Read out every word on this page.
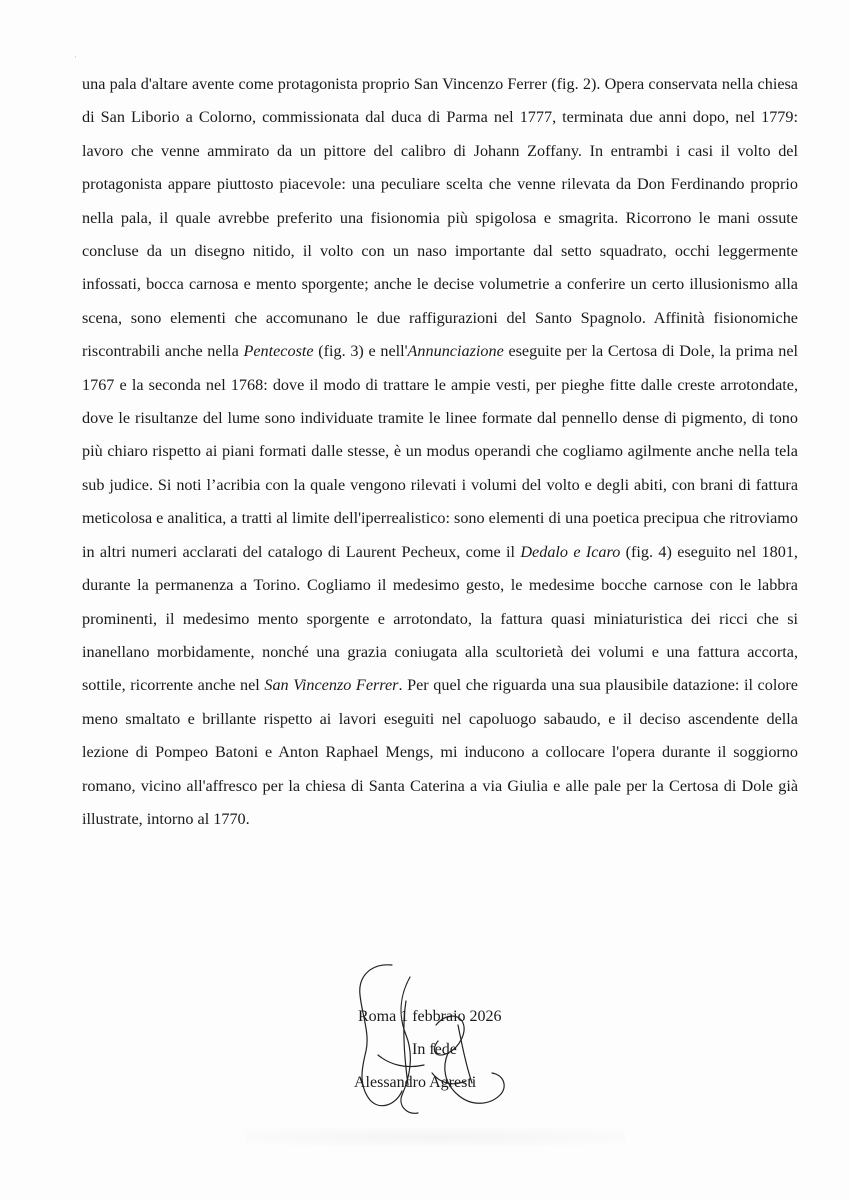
·

una pala d'altare avente come protagonista proprio San Vincenzo Ferrer (fig. 2). Opera conservata nella chiesa di San Liborio a Colorno, commissionata dal duca di Parma nel 1777, terminata due anni dopo, nel 1779: lavoro che venne ammirato da un pittore del calibro di Johann Zoffany. In entrambi i casi il volto del protagonista appare piuttosto piacevole: una peculiare scelta che venne rilevata da Don Ferdinando proprio nella pala, il quale avrebbe preferito una fisionomia più spigolosa e smagrita. Ricorrono le mani ossute concluse da un disegno nitido, il volto con un naso importante dal setto squadrato, occhi leggermente infossati, bocca carnosa e mento sporgente; anche le decise volumetrie a conferire un certo illusionismo alla scena, sono elementi che accomunano le due raffigurazioni del Santo Spagnolo. Affinità fisionomiche riscontrabili anche nella Pentecoste (fig. 3) e nell'Annunciazione eseguite per la Certosa di Dole, la prima nel 1767 e la seconda nel 1768: dove il modo di trattare le ampie vesti, per pieghe fitte dalle creste arrotondate, dove le risultanze del lume sono individuate tramite le linee formate dal pennello dense di pigmento, di tono più chiaro rispetto ai piani formati dalle stesse, è un modus operandi che cogliamo agilmente anche nella tela sub judice. Si noti l’acribia con la quale vengono rilevati i volumi del volto e degli abiti, con brani di fattura meticolosa e analitica, a tratti al limite dell'iperrealistico: sono elementi di una poetica precipua che ritroviamo in altri numeri acclarati del catalogo di Laurent Pecheux, come il Dedalo e Icaro (fig. 4) eseguito nel 1801, durante la permanenza a Torino. Cogliamo il medesimo gesto, le medesime bocche carnose con le labbra prominenti, il medesimo mento sporgente e arrotondato, la fattura quasi miniaturistica dei ricci che si inanellano morbidamente, nonché una grazia coniugata alla scultorietà dei volumi e una fattura accorta, sottile, ricorrente anche nel San Vincenzo Ferrer. Per quel che riguarda una sua plausibile datazione: il colore meno smaltato e brillante rispetto ai lavori eseguiti nel capoluogo sabaudo, e il deciso ascendente della lezione di Pompeo Batoni e Anton Raphael Mengs, mi inducono a collocare l'opera durante il soggiorno romano, vicino all'affresco per la chiesa di Santa Caterina a via Giulia e alle pale per la Certosa di Dole già illustrate, intorno al 1770.

Roma 1 febbraio 2026
In fede
Alessandro Agresti
